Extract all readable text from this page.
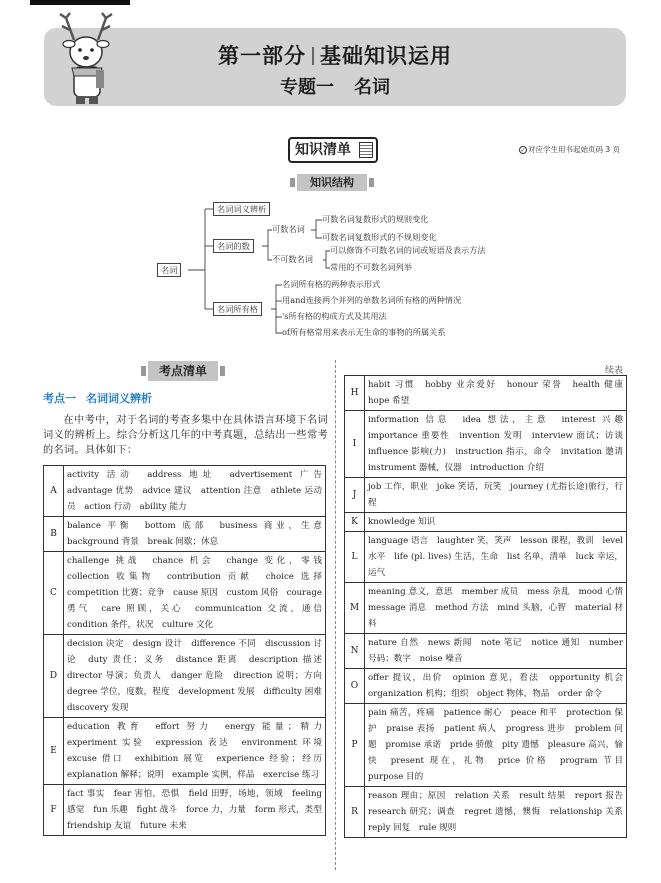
第一部分 基础知识运用
专题一 名词
知识清单	✓ 对应学生用书起始页码 3 页
知识结构
名词
名词词义辨析
名词的数
名词所有格
可数名词
不可数名词
可数名词复数形式的规则变化
可数名词复数形式的不规则变化
可以修饰不可数名词的词或短语及表示方法
常用的不可数名词列举
名词所有格的两种表示形式
用and连接两个并列的单数名词所有格的两种情况
's所有格的构成方式及其用法
of所有格常用来表示无生命的事物的所属关系
考点清单
考点一 名词词义辨析
在中考中，对于名词的考查多集中在具体语言环境下名词词义的辨析上。综合分析这几年的中考真题，总结出一些常考的名词。具体如下：
续表
A	activity 活动　address 地址　advertisement 广告　advantage 优势　advice 建议　attention 注意　athlete 运动员　action 行动　ability 能力
B	balance 平衡　bottom 底部　business 商业，生意　background 背景　break 间歇；休息
C	challenge 挑战　chance 机会　change 变化，零钱　collection 收集物　contribution 贡献　choice 选择　competition 比赛；竞争　cause 原因　custom 风俗　courage 勇气　care 照顾，关心　communication 交流，通信　condition 条件，状况　culture 文化
D	decision 决定　design 设计　difference 不同　discussion 讨论　duty 责任；义务　distance 距离　description 描述　director 导演；负责人　danger 危险　direction 说明；方向　degree 学位，度数，程度　development 发展　difficulty 困难　discovery 发现
E	education 教育　effort 努力　energy 能量；精力　experiment 实验　expression 表达　environment 环境　excuse 借口　exhibition 展览　experience 经验；经历　explanation 解释；说明　example 实例，样品　exercise 练习
F	fact 事实　fear 害怕，恐惧　field 田野，场地，领域　feeling 感觉　fun 乐趣　fight 战斗　force 力，力量　form 形式，类型　friendship 友谊　future 未来
H	habit 习惯　hobby 业余爱好　honour 荣誉　health 健康　hope 希望
I	information 信息　idea 想法，主意　interest 兴趣　importance 重要性　invention 发明　interview 面试；访谈　influence 影响(力)　instruction 指示，命令　invitation 邀请　instrument 器械，仪器　introduction 介绍
J	job 工作，职业　joke 笑话，玩笑　journey (尤指长途)旅行，行程
K	knowledge 知识
L	language 语言　laughter 笑，笑声　lesson 课程，教训　level 水平　life (pl. lives) 生活，生命　list 名单，清单　luck 幸运，运气
M	meaning 意义，意思　member 成员　mess 杂乱　mood 心情　message 消息　method 方法　mind 头脑，心智　material 材料
N	nature 自然　news 新闻　note 笔记　notice 通知　number 号码；数字　noise 噪音
O	offer 提议，出价　opinion 意见，看法　opportunity 机会　organization 机构；组织　object 物体，物品　order 命令
P	pain 痛苦，疼痛　patience 耐心　peace 和平　protection 保护　praise 表扬　patient 病人　progress 进步　problem 问题　promise 承诺　pride 骄傲　pity 遗憾　pleasure 高兴，愉快　present 现在，礼物　price 价格　program 节目　purpose 目的
R	reason 理由；原因　relation 关系　result 结果　report 报告　research 研究；调查　regret 遗憾，懊悔　relationship 关系　reply 回复　rule 规则
